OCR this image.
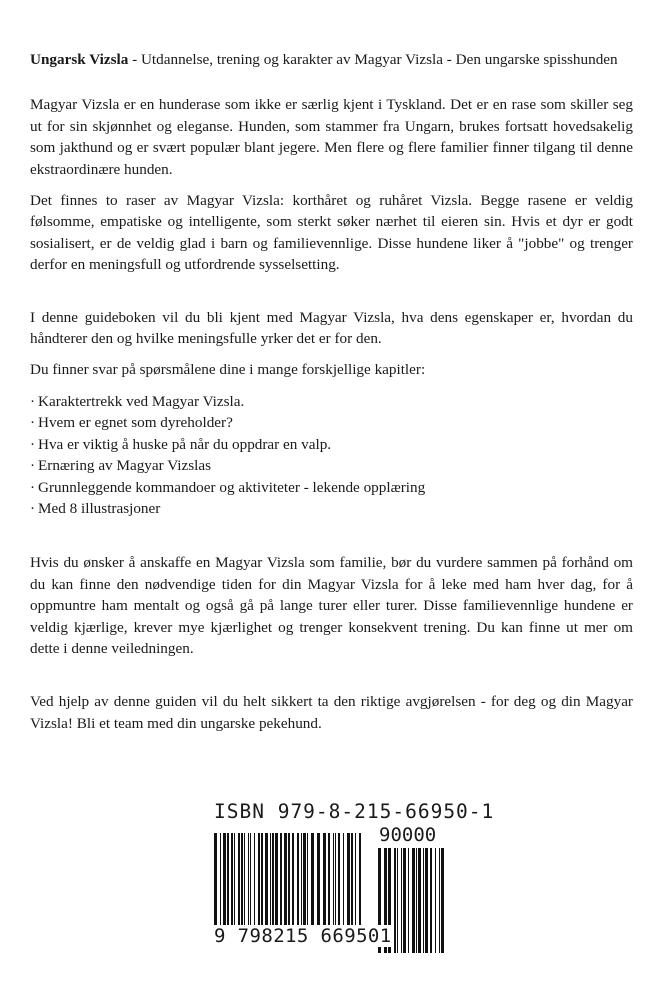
Ungarsk Vizsla - Utdannelse, trening og karakter av Magyar Vizsla - Den ungarske spisshunden

Magyar Vizsla er en hunderase som ikke er særlig kjent i Tyskland. Det er en rase som skiller seg ut for sin skjønnhet og eleganse. Hunden, som stammer fra Ungarn, brukes fortsatt hovedsakelig som jakthund og er svært populær blant jegere. Men flere og flere familier finner tilgang til denne ekstraordinære hunden.

Det finnes to raser av Magyar Vizsla: korthåret og ruhåret Vizsla. Begge rasene er veldig følsomme, empatiske og intelligente, som sterkt søker nærhet til eieren sin. Hvis et dyr er godt sosialisert, er de veldig glad i barn og familievennlige. Disse hundene liker å "jobbe" og trenger derfor en meningsfull og utfordrende sysselsetting.

I denne guideboken vil du bli kjent med Magyar Vizsla, hva dens egenskaper er, hvordan du håndterer den og hvilke meningsfulle yrker det er for den.

Du finner svar på spørsmålene dine i mange forskjellige kapitler:

· Karaktertrekk ved Magyar Vizsla.
· Hvem er egnet som dyreholder?
· Hva er viktig å huske på når du oppdrar en valp.
· Ernæring av Magyar Vizslas
· Grunnleggende kommandoer og aktiviteter - lekende opplæring
· Med 8 illustrasjoner

Hvis du ønsker å anskaffe en Magyar Vizsla som familie, bør du vurdere sammen på forhånd om du kan finne den nødvendige tiden for din Magyar Vizsla for å leke med ham hver dag, for å oppmuntre ham mentalt og også gå på lange turer eller turer. Disse familievennlige hundene er veldig kjærlige, krever mye kjærlighet og trenger konsekvent trening. Du kan finne ut mer om dette i denne veiledningen.

Ved hjelp av denne guiden vil du helt sikkert ta den riktige avgjørelsen - for deg og din Magyar Vizsla! Bli et team med din ungarske pekehund.

ISBN 979-8-215-66950-1
90000
9 798215 669501
